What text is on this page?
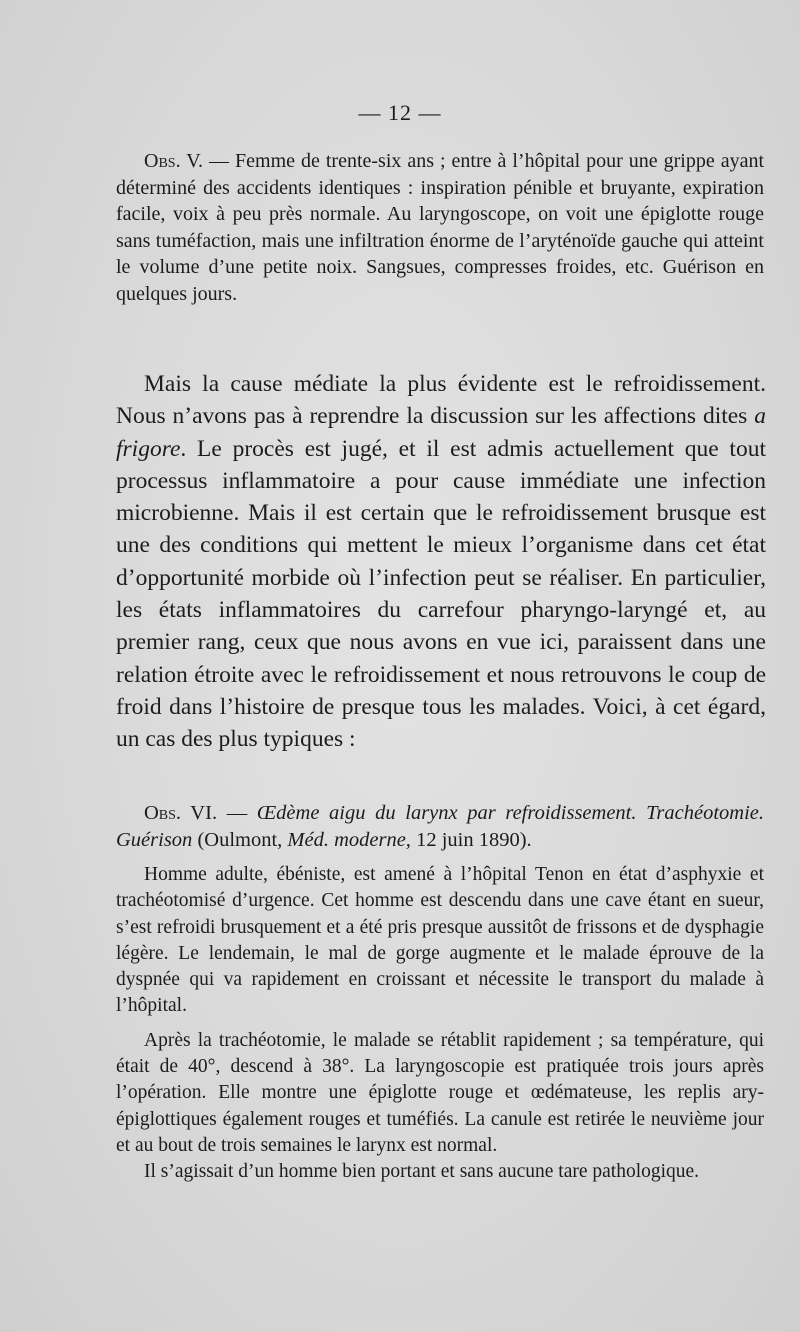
— 12 —

Obs. V. — Femme de trente-six ans ; entre à l’hôpital pour une grippe ayant déterminé des accidents identiques : inspiration pénible et bruyante, expiration facile, voix à peu près normale. Au laryngoscope, on voit une épiglotte rouge sans tuméfaction, mais une infiltration énorme de l’aryténoïde gauche qui atteint le volume d’une petite noix. Sangsues, compresses froides, etc. Guérison en quelques jours.

Mais la cause médiate la plus évidente est le refroidissement. Nous n’avons pas à reprendre la discussion sur les affections dites a frigore. Le procès est jugé, et il est admis actuellement que tout processus inflammatoire a pour cause immédiate une infection microbienne. Mais il est certain que le refroidissement brusque est une des conditions qui mettent le mieux l’organisme dans cet état d’opportunité morbide où l’infection peut se réaliser. En particulier, les états inflammatoires du carrefour pharyngo-laryngé et, au premier rang, ceux que nous avons en vue ici, paraissent dans une relation étroite avec le refroidissement et nous retrouvons le coup de froid dans l’histoire de presque tous les malades. Voici, à cet égard, un cas des plus typiques :

Obs. VI. — Œdème aigu du larynx par refroidissement. Trachéotomie. Guérison (Oulmont, Méd. moderne, 12 juin 1890).

Homme adulte, ébéniste, est amené à l’hôpital Tenon en état d’asphyxie et trachéotomisé d’urgence. Cet homme est descendu dans une cave étant en sueur, s’est refroidi brusquement et a été pris presque aussitôt de frissons et de dysphagie légère. Le lendemain, le mal de gorge augmente et le malade éprouve de la dyspnée qui va rapidement en croissant et nécessite le transport du malade à l’hôpital.

Après la trachéotomie, le malade se rétablit rapidement ; sa température, qui était de 40°, descend à 38°. La laryngoscopie est pratiquée trois jours après l’opération. Elle montre une épiglotte rouge et œdémateuse, les replis ary-épiglottiques également rouges et tuméfiés. La canule est retirée le neuvième jour et au bout de trois semaines le larynx est normal.

Il s’agissait d’un homme bien portant et sans aucune tare pathologique.
